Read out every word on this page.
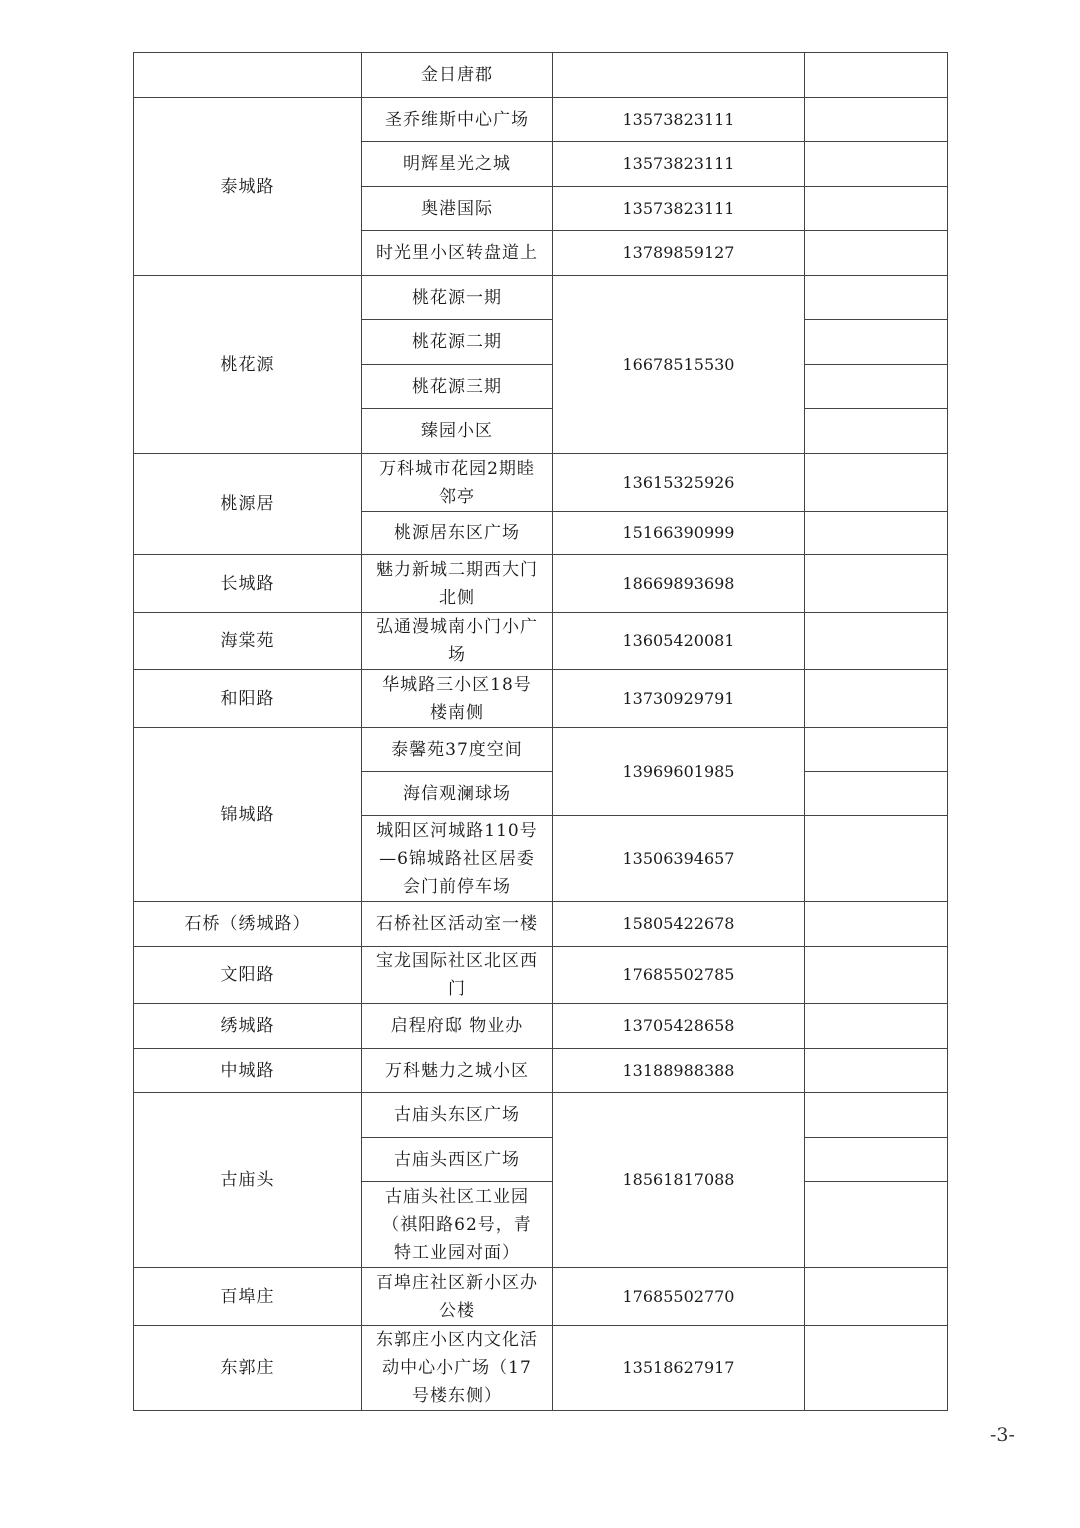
	金日唐郡		
泰城路	圣乔维斯中心广场	13573823111	
	明辉星光之城	13573823111	
	奥港国际	13573823111	
	时光里小区转盘道上	13789859127	
桃花源	桃花源一期	16678515530	
	桃花源二期		
	桃花源三期		
	臻园小区		
桃源居	万科城市花园2期睦邻亭	13615325926	
	桃源居东区广场	15166390999	
长城路	魅力新城二期西大门北侧	18669893698	
海棠苑	弘通漫城南小门小广场	13605420081	
和阳路	华城路三小区18号楼南侧	13730929791	
锦城路	泰馨苑37度空间	13969601985	
	海信观澜球场		
	城阳区河城路110号—6锦城路社区居委会门前停车场	13506394657	
石桥（绣城路）	石桥社区活动室一楼	15805422678	
文阳路	宝龙国际社区北区西门	17685502785	
绣城路	启程府邸 物业办	13705428658	
中城路	万科魅力之城小区	13188988388	
古庙头	古庙头东区广场	18561817088	
	古庙头西区广场		
	古庙头社区工业园（祺阳路62号，青特工业园对面）		
百埠庄	百埠庄社区新小区办公楼	17685502770	
东郭庄	东郭庄小区内文化活动中心小广场（17号楼东侧）	13518627917	
-3-
